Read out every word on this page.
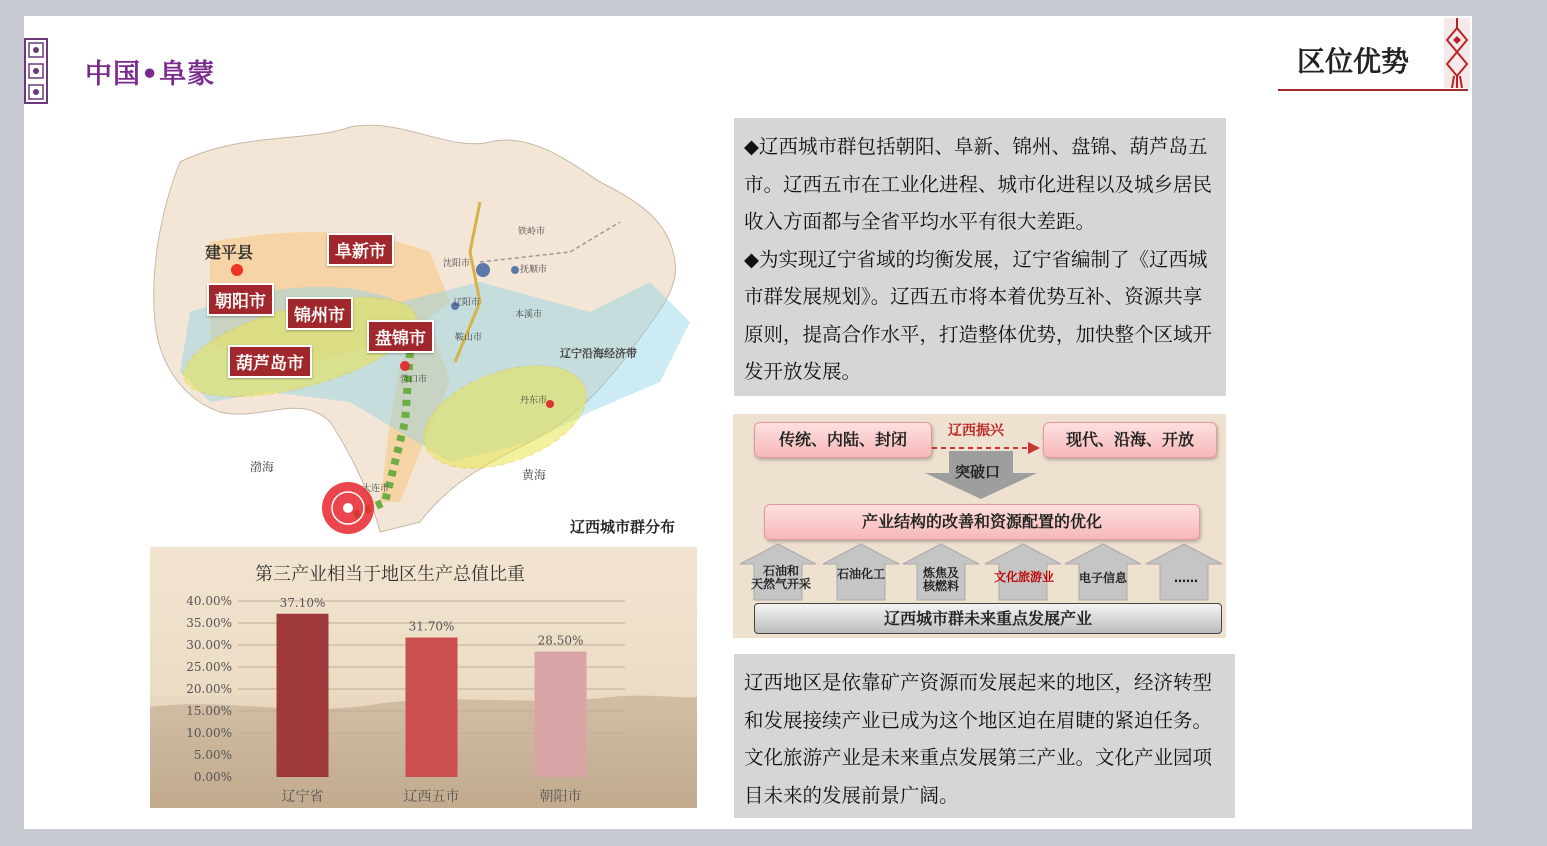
中国•阜蒙	区位优势
建平县	阜新市
朝阳市
锦州市
盘锦市
葫芦岛市
辽宁沿海经济带
渤海
黄海
铁岭市
沈阳市
抚顺市
辽阳市
本溪市
鞍山市
营口市
丹东市
大连市
辽西城市群分布
40.00%
35.00%
30.00%
25.00%
20.00%
15.00%
10.00%
5.00%
0.00%
37.10%
辽宁省
31.70%
辽西五市
28.50%
朝阳市
第三产业相当于地区生产总值比重
◆辽西城市群包括朝阳、阜新、锦州、盘锦、葫芦岛五市。辽西五市在工业化进程、城市化进程以及城乡居民收入方面都与全省平均水平有很大差距。
◆为实现辽宁省域的均衡发展，辽宁省编制了《辽西城市群发展规划》。辽西五市将本着优势互补、资源共享原则，提高合作水平，打造整体优势，加快整个区域开发开放发展。
传统、内陆、封闭	辽西振兴	现代、沿海、开放
突破口
产业结构的改善和资源配置的优化
石油和
天然气开采
石油化工	炼焦及
核燃料
文化旅游业	电子信息	……
辽西城市群未来重点发展产业
辽西地区是依靠矿产资源而发展起来的地区，经济转型和发展接续产业已成为这个地区迫在眉睫的紧迫任务。文化旅游产业是未来重点发展第三产业。文化产业园项目未来的发展前景广阔。
